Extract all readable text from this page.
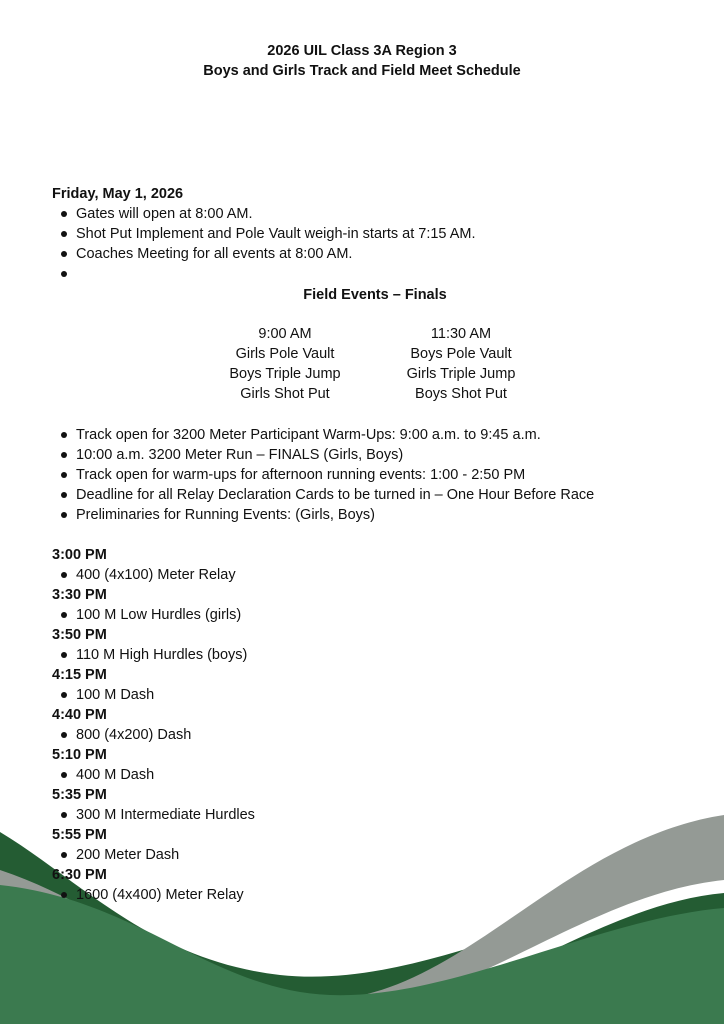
2026 UIL Class 3A Region 3
Boys and Girls Track and Field Meet Schedule
Friday, May 1, 2026
Gates will open at 8:00 AM.
Shot Put Implement and Pole Vault weigh-in starts at 7:15 AM.
Coaches Meeting for all events at 8:00 AM.

Field Events – Finals
9:00 AM
Girls Pole Vault
Boys Triple Jump
Girls Shot Put
11:30 AM
Boys Pole Vault
Girls Triple Jump
Boys Shot Put
Track open for 3200 Meter Participant Warm-Ups: 9:00 a.m. to 9:45 a.m.
10:00 a.m. 3200 Meter Run – FINALS (Girls, Boys)
Track open for warm-ups for afternoon running events: 1:00 - 2:50 PM
Deadline for all Relay Declaration Cards to be turned in – One Hour Before Race
Preliminaries for Running Events: (Girls, Boys)
3:00 PM
400 (4x100) Meter Relay
3:30 PM
100 M Low Hurdles (girls)
3:50 PM
110 M High Hurdles (boys)
4:15 PM
100 M Dash
4:40 PM
800 (4x200) Dash
5:10 PM
400 M Dash
5:35 PM
300 M Intermediate Hurdles
5:55 PM
200 Meter Dash
6:30 PM
1600 (4x400) Meter Relay
